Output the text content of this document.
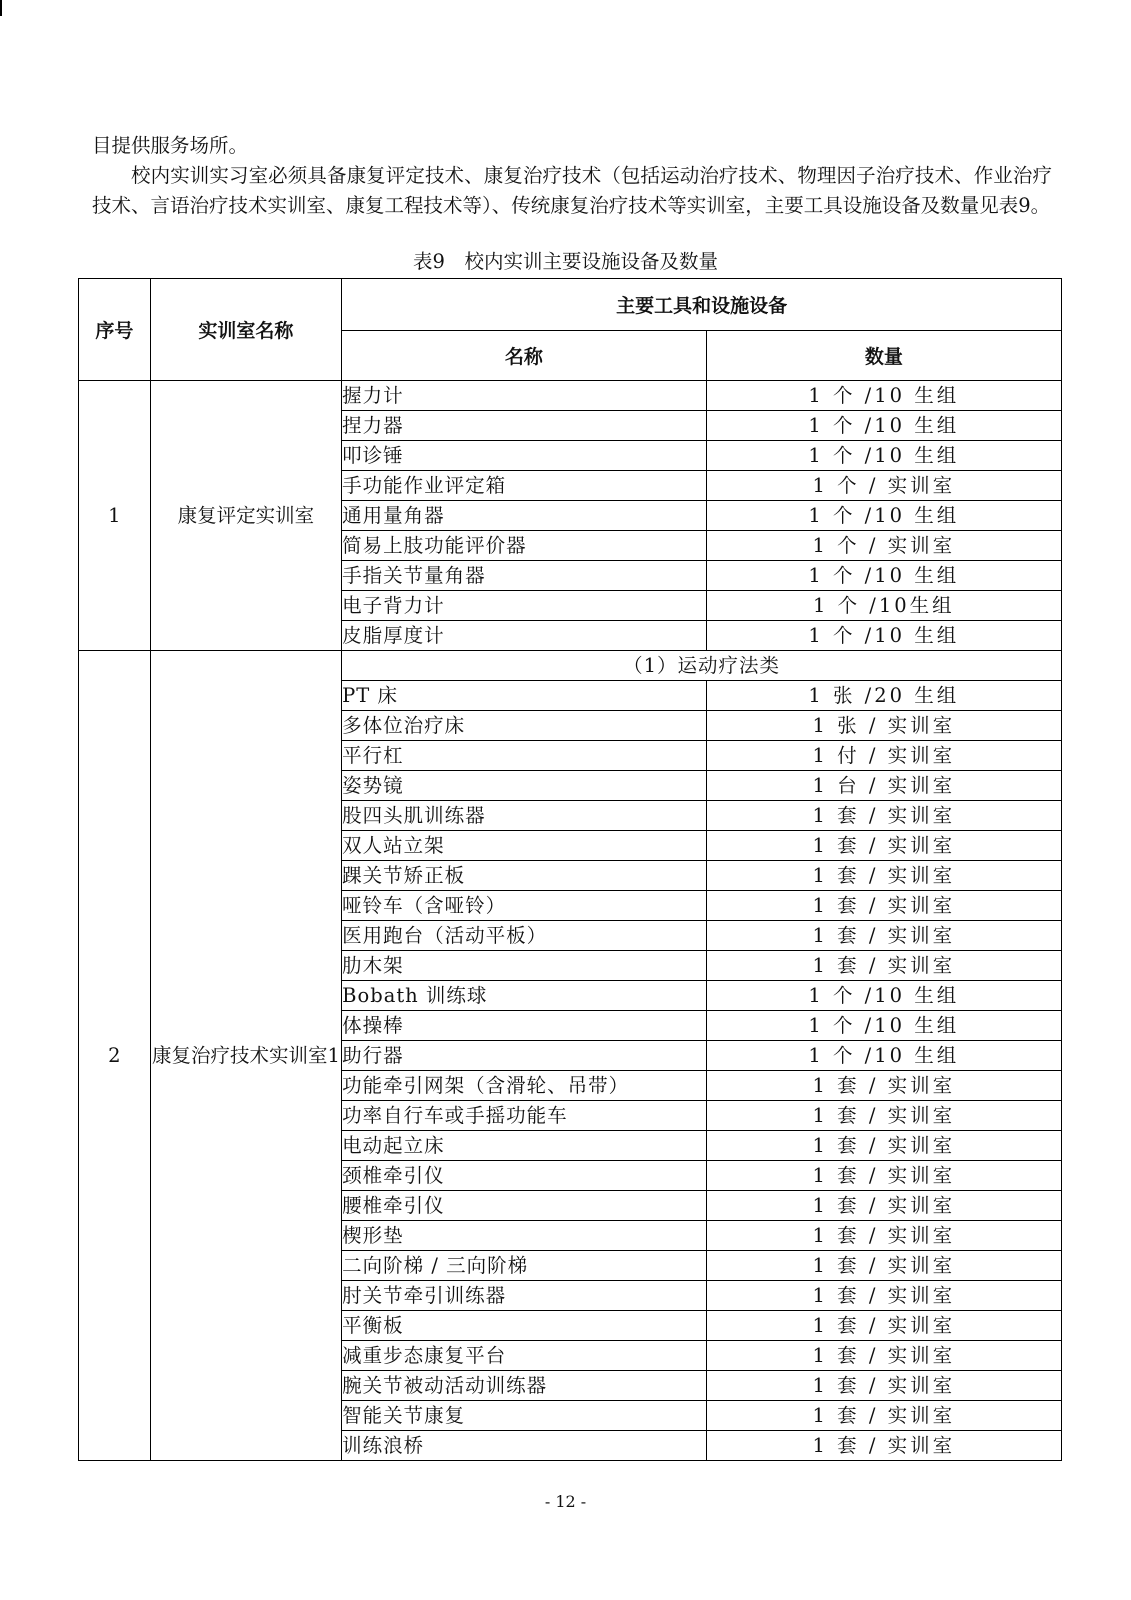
目提供服务场所。

校内实训实习室必须具备康复评定技术、康复治疗技术（包括运动治疗技术、物理因子治疗技术、作业治疗技术、言语治疗技术实训室、康复工程技术等）、传统康复治疗技术等实训室，主要工具设施设备及数量见表9。

表9　校内实训主要设施设备及数量
序号	实训室名称	主要工具和设施设备	
		名称	数量
1	康复评定实训室	握力计	1 个 /10 生组
		捏力器	1 个 /10 生组
		叩诊锤	1 个 /10 生组
		手功能作业评定箱	1 个 / 实训室
		通用量角器	1 个 /10 生组
		简易上肢功能评价器	1 个 / 实训室
		手指关节量角器	1 个 /10 生组
		电子背力计	1 个 /10生组
		皮脂厚度计	1 个 /10 生组
2	康复治疗技术实训室1	（1）运动疗法类	
		PT 床	1 张 /20 生组
		多体位治疗床	1 张 / 实训室
		平行杠	1 付 / 实训室
		姿势镜	1 台 / 实训室
		股四头肌训练器	1 套 / 实训室
		双人站立架	1 套 / 实训室
		踝关节矫正板	1 套 / 实训室
		哑铃车（含哑铃）	1 套 / 实训室
		医用跑台（活动平板）	1 套 / 实训室
		肋木架	1 套 / 实训室
		Bobath 训练球	1 个 /10 生组
		体操棒	1 个 /10 生组
		助行器	1 个 /10 生组
		功能牵引网架（含滑轮、吊带）	1 套 / 实训室
		功率自行车或手摇功能车	1 套 / 实训室
		电动起立床	1 套 / 实训室
		颈椎牵引仪	1 套 / 实训室
		腰椎牵引仪	1 套 / 实训室
		楔形垫	1 套 / 实训室
		二向阶梯 / 三向阶梯	1 套 / 实训室
		肘关节牵引训练器	1 套 / 实训室
		平衡板	1 套 / 实训室
		减重步态康复平台	1 套 / 实训室
		腕关节被动活动训练器	1 套 / 实训室
		智能关节康复	1 套 / 实训室
		训练浪桥	1 套 / 实训室
- 12 -
